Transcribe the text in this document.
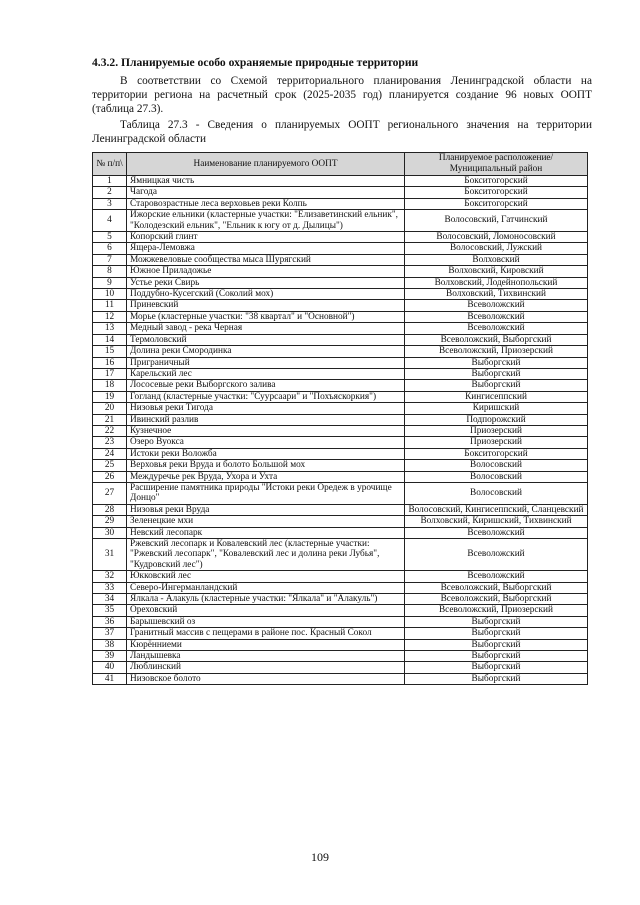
4.3.2. Планируемые особо охраняемые природные территории
В соответствии со Схемой территориального планирования Ленинградской области на территории региона на расчетный срок (2025-2035 год) планируется создание 96 новых ООПТ (таблица 27.3).
Таблица 27.3 - Сведения о планируемых ООПТ регионального значения на территории Ленинградской области
№ п/п\	Наименование планируемого ООПТ	Планируемое расположение/ Муниципальный район
1	Ямницкая чисть	Бокситогорский
2	Чагода	Бокситогорский
3	Старовозрастные леса верховьев реки Колпь	Бокситогорский
4	Ижорские ельники (кластерные участки: "Елизаветинский ельник", "Колодезский ельник", "Ельник к югу от д. Дылицы")	Волосовский, Гатчинский
5	Копорский глинт	Волосовский, Ломоносовский
6	Ящера-Лемовжа	Волосовский, Лужский
7	Можжевеловые сообщества мыса Шурягский	Волховский
8	Южное Приладожье	Волховский, Кировский
9	Устье реки Свирь	Волховский, Лодейнопольский
10	Поддубно-Кусегский (Соколий мох)	Волховский, Тихвинский
11	Приневский	Всеволожский
12	Морье (кластерные участки: "38 квартал" и "Основной")	Всеволожский
13	Медный завод - река Черная	Всеволожский
14	Термоловский	Всеволожский, Выборгский
15	Долина реки Смородинка	Всеволожский, Приозерский
16	Приграничный	Выборгский
17	Карельский лес	Выборгский
18	Лососевые реки Выборгского залива	Выборгский
19	Гогланд (кластерные участки: "Суурсаари" и "Похъяскоркия")	Кингисеппский
20	Низовья реки Тигода	Киришский
21	Ивинский разлив	Подпорожский
22	Кузнечное	Приозерский
23	Озеро Вуокса	Приозерский
24	Истоки реки Воложба	Бокситогорский
25	Верховья реки Вруда и болото Большой мох	Волосовский
26	Междуречье рек Вруда, Ухора и Ухта	Волосовский
27	Расширение памятника природы "Истоки реки Оредеж в урочище Донцо"	Волосовский
28	Низовья реки Вруда	Волосовский, Кингисеппский, Сланцевский
29	Зеленецкие мхи	Волховский, Киришский, Тихвинский
30	Невский лесопарк	Всеволожский
31	Ржевский лесопарк и Ковалевский лес (кластерные участки: "Ржевский лесопарк", "Ковалевский лес и долина реки Лубья", "Кудровский лес")	Всеволожский
32	Юкковский лес	Всеволожский
33	Северо-Ингерманландский	Всеволожский, Выборгский
34	Ялкала - Алакуль (кластерные участки: "Ялкала" и "Алакуль")	Всеволожский, Выборгский
35	Ореховский	Всеволожский, Приозерский
36	Барышевский оз	Выборгский
37	Гранитный массив с пещерами в районе пос. Красный Сокол	Выборгский
38	Кюрённиеми	Выборгский
39	Ландышевка	Выборгский
40	Люблинский	Выборгский
41	Низовское болото	Выборгский
109
